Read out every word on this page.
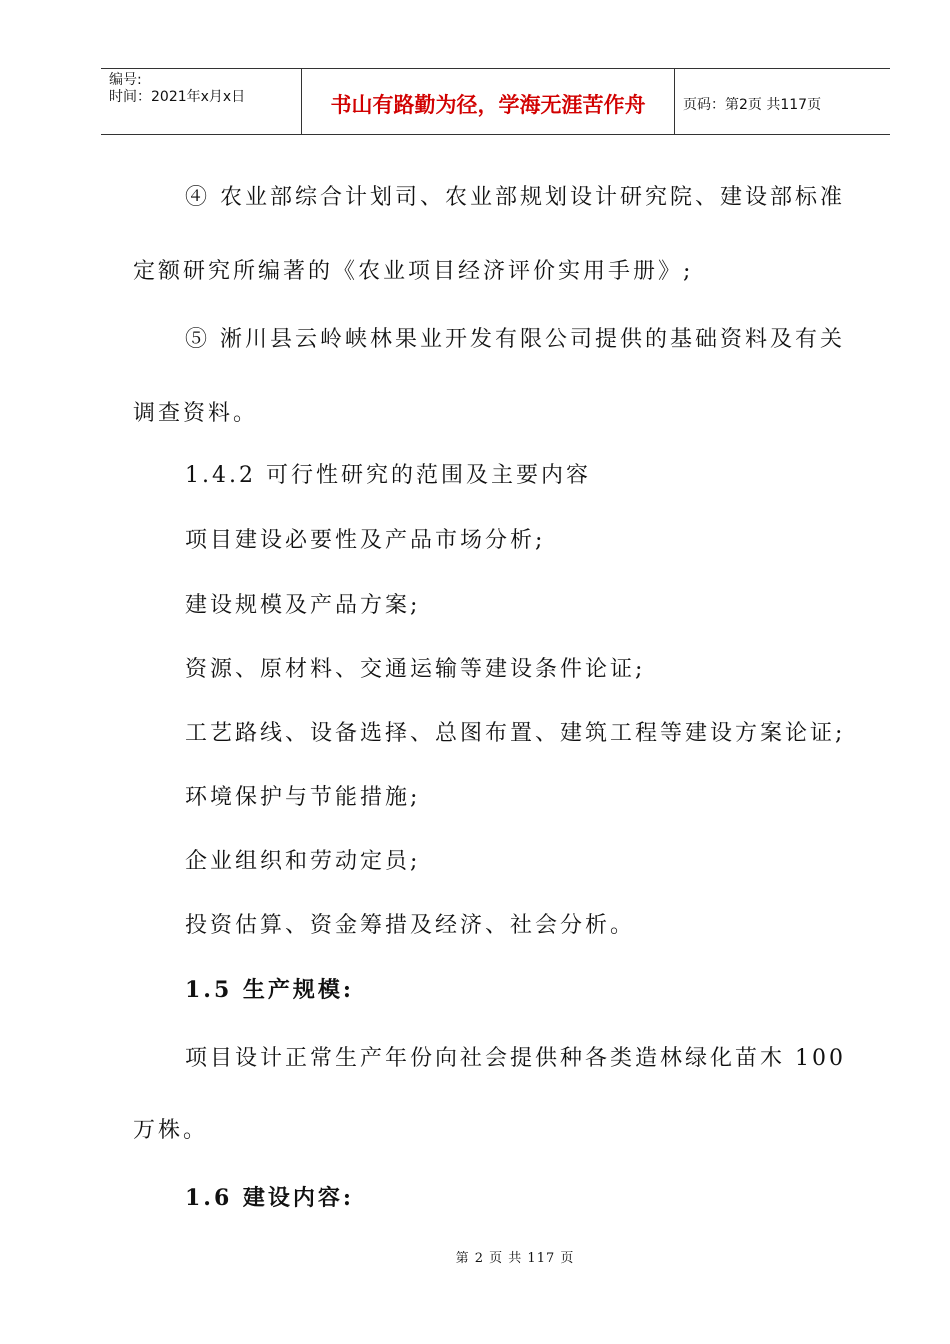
编号:
时间：2021年x月x日	书山有路勤为径，学海无涯苦作舟	页码：第2页 共117页
④ 农业部综合计划司、农业部规划设计研究院、建设部标准
定额研究所编著的《农业项目经济评价实用手册》;
⑤ 淅川县云岭峡林果业开发有限公司提供的基础资料及有关
调查资料。
1.4.2 可行性研究的范围及主要内容
项目建设必要性及产品市场分析;
建设规模及产品方案;
资源、原材料、交通运输等建设条件论证;
工艺路线、设备选择、总图布置、建筑工程等建设方案论证;
环境保护与节能措施;
企业组织和劳动定员;
投资估算、资金筹措及经济、社会分析。
1.5 生产规模:
项目设计正常生产年份向社会提供种各类造林绿化苗木 100
万株。
1.6 建设内容:
第 2 页 共 117 页
